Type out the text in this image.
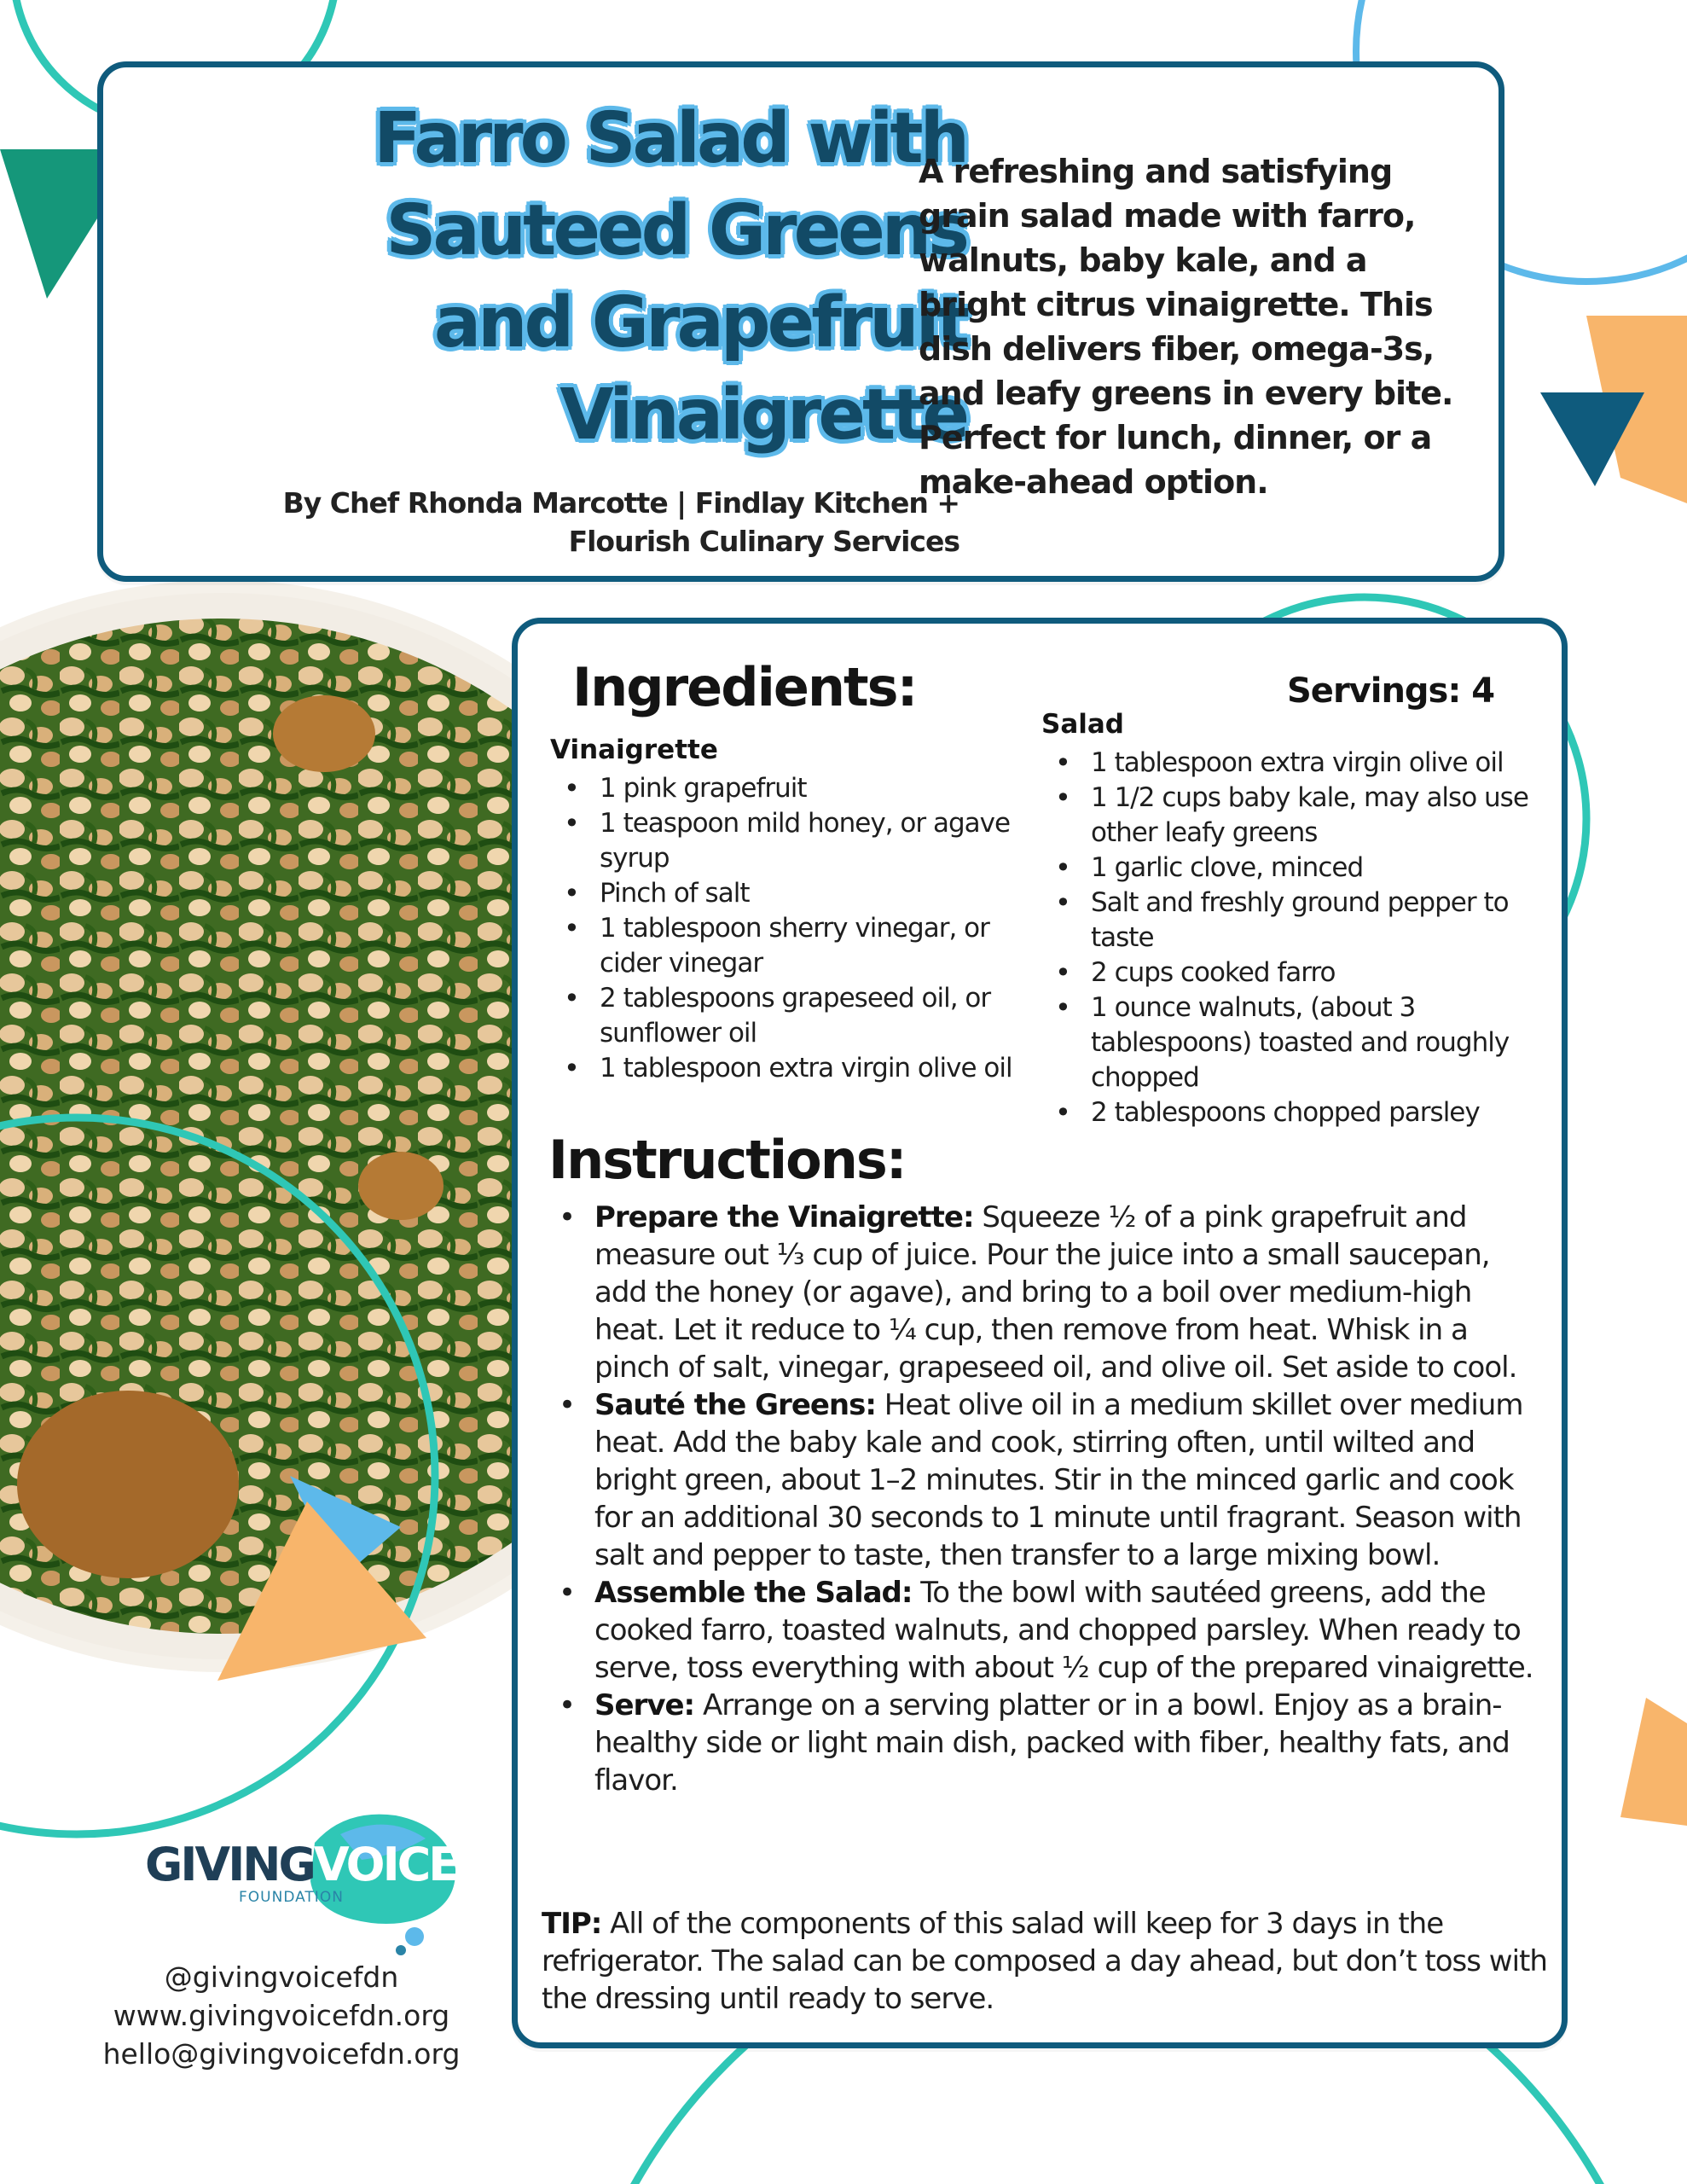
Farro Salad with
Sauteed Greens
and Grapefruit
Vinaigrette

By Chef Rhonda Marcotte | Findlay Kitchen +
Flourish Culinary Services

A refreshing and satisfying
grain salad made with farro,
walnuts, baby kale, and a
bright citrus vinaigrette. This
dish delivers fiber, omega-3s,
and leafy greens in every bite.
Perfect for lunch, dinner, or a
make-ahead option.

Ingredients:	Servings: 4
Vinaigrette
• 1 pink grapefruit
• 1 teaspoon mild honey, or agave syrup
• Pinch of salt
• 1 tablespoon sherry vinegar, or cider vinegar
• 2 tablespoons grapeseed oil, or sunflower oil
• 1 tablespoon extra virgin olive oil
Salad
• 1 tablespoon extra virgin olive oil
• 1 1/2 cups baby kale, may also use other leafy greens
• 1 garlic clove, minced
• Salt and freshly ground pepper to taste
• 2 cups cooked farro
• 1 ounce walnuts, (about 3 tablespoons) toasted and roughly chopped
• 2 tablespoons chopped parsley
Instructions:
• Prepare the Vinaigrette: Squeeze ½ of a pink grapefruit and measure out ⅓ cup of juice. Pour the juice into a small saucepan, add the honey (or agave), and bring to a boil over medium-high heat. Let it reduce to ¼ cup, then remove from heat. Whisk in a pinch of salt, vinegar, grapeseed oil, and olive oil. Set aside to cool.
• Sauté the Greens: Heat olive oil in a medium skillet over medium heat. Add the baby kale and cook, stirring often, until wilted and bright green, about 1–2 minutes. Stir in the minced garlic and cook for an additional 30 seconds to 1 minute until fragrant. Season with salt and pepper to taste, then transfer to a large mixing bowl.
• Assemble the Salad: To the bowl with sautéed greens, add the cooked farro, toasted walnuts, and chopped parsley. When ready to serve, toss everything with about ½ cup of the prepared vinaigrette.
• Serve: Arrange on a serving platter or in a bowl. Enjoy as a brain-healthy side or light main dish, packed with fiber, healthy fats, and flavor.

TIP: All of the components of this salad will keep for 3 days in the refrigerator. The salad can be composed a day ahead, but don’t toss with the dressing until ready to serve.

GIVINGVOICE
FOUNDATION
@givingvoicefdn
www.givingvoicefdn.org
hello@givingvoicefdn.org
